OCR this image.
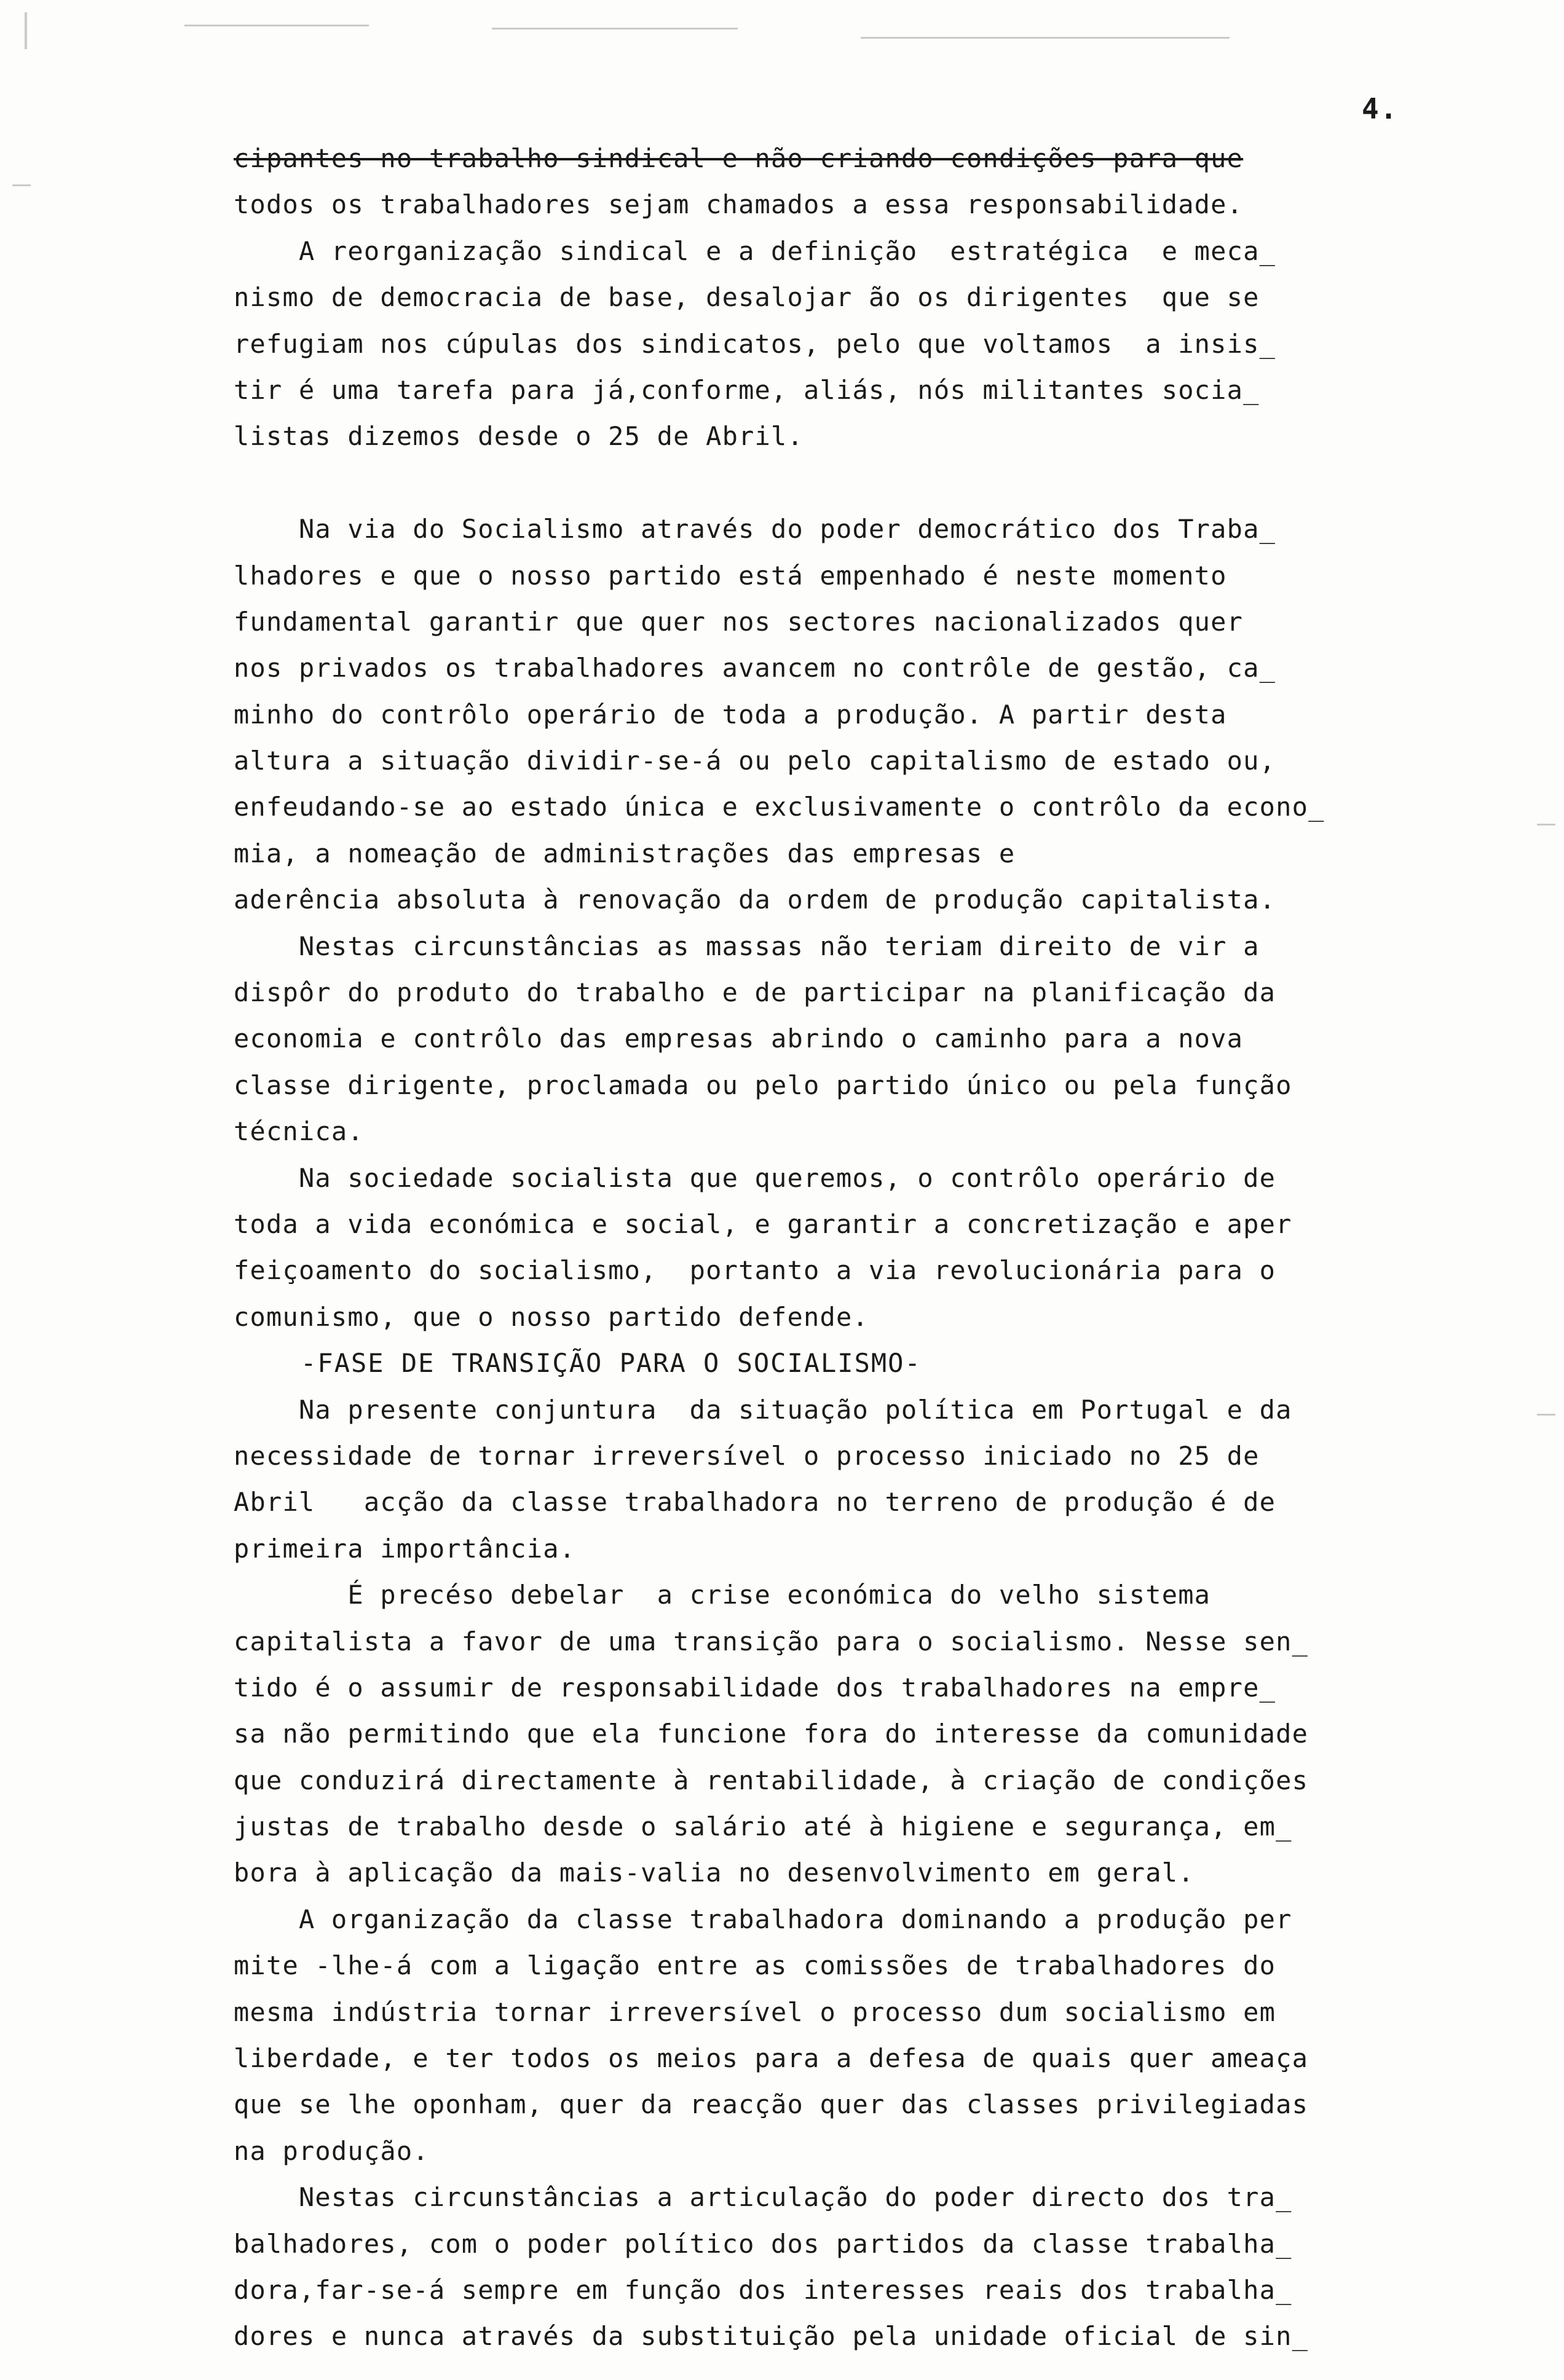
4.
cipantes no trabalho sindical e não criando condições para que
todos os trabalhadores sejam chamados a essa responsabilidade.
A reorganização sindical e a definição  estratégica  e meca_
nismo de democracia de base, desalojar ão os dirigentes  que se
refugiam nos cúpulas dos sindicatos, pelo que voltamos  a insis_
tir é uma tarefa para já,conforme, aliás, nós militantes socia_
listas dizemos desde o 25 de Abril.
Na via do Socialismo através do poder democrático dos Traba_
lhadores e que o nosso partido está empenhado é neste momento
fundamental garantir que quer nos sectores nacionalizados quer
nos privados os trabalhadores avancem no contrôle de gestão, ca_
minho do contrôlo operário de toda a produção. A partir desta
altura a situação dividir-se-á ou pelo capitalismo de estado ou,
enfeudando-se ao estado única e exclusivamente o contrôlo da econo_
mia, a nomeação de administrações das empresas e
aderência absoluta à renovação da ordem de produção capitalista.
Nestas circunstâncias as massas não teriam direito de vir a
dispôr do produto do trabalho e de participar na planificação da
economia e contrôlo das empresas abrindo o caminho para a nova
classe dirigente, proclamada ou pelo partido único ou pela função
técnica.
Na sociedade socialista que queremos, o contrôlo operário de
toda a vida económica e social, e garantir a concretização e aper
feiçoamento do socialismo,  portanto a via revolucionária para o
comunismo, que o nosso partido defende.
-FASE DE TRANSIÇÃO PARA O SOCIALISMO-
Na presente conjuntura  da situação política em Portugal e da
necessidade de tornar irreversível o processo iniciado no 25 de
Abril   acção da classe trabalhadora no terreno de produção é de
primeira importância.
É precéso debelar  a crise económica do velho sistema
capitalista a favor de uma transição para o socialismo. Nesse sen_
tido é o assumir de responsabilidade dos trabalhadores na empre_
sa não permitindo que ela funcione fora do interesse da comunidade
que conduzirá directamente à rentabilidade, à criação de condições
justas de trabalho desde o salário até à higiene e segurança, em_
bora à aplicação da mais-valia no desenvolvimento em geral.
A organização da classe trabalhadora dominando a produção per
mite -lhe-á com a ligação entre as comissões de trabalhadores do
mesma indústria tornar irreversível o processo dum socialismo em
liberdade, e ter todos os meios para a defesa de quais quer ameaça
que se lhe oponham, quer da reacção quer das classes privilegiadas
na produção.
Nestas circunstâncias a articulação do poder directo dos tra_
balhadores, com o poder político dos partidos da classe trabalha_
dora,far-se-á sempre em função dos interesses reais dos trabalha_
dores e nunca através da substituição pela unidade oficial de sin_
